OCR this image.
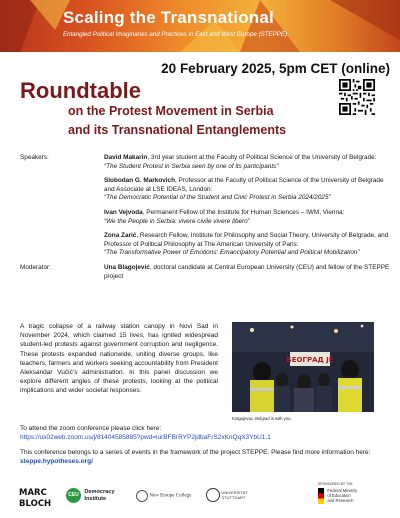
Scaling the Transnational
Entangled Political Imaginaries and Practices in East and West Europe (STEPPE)
20 February 2025, 5pm CET (online)
Roundtable
on the Protest Movement in Serbia
and its Transnational Entanglements
Speakers:	David Makarin, 3rd year student at the Faculty of Political Science of the University of Belgrade:
“The Student Protest in Serbia seen by one of its participants”
Slobodan G. Markovich, Professor at the Faculty of Political Science of the University of Belgrade and Associate at LSE IDEAS, London:
“The Democratic Potential of the Student and Civic Protest in Serbia 2024/2025”
Ivan Vejvoda, Permanent Fellow of the Institute for Human Sciences – IWM, Vienna:
“We the People in Serbia: vivere civile vivere libero”
Zona Zarić, Research Fellow, Institute for Philosophy and Social Theory, University of Belgrade, and Professor of Political Philosophy at The American University of Paris:
“The Transformative Power of Emotions: Emancipatory Potential and Political Mobilization”
Moderator:	Una Blagojević, doctoral candidate at Central European University (CEU) and fellow of the STEPPE project
A tragic collapse of a railway station canopy in Novi Sad in November 2024, which claimed 15 lives, has ignited widespread student-led protests against government corruption and negligence. These protests expanded nationwide, uniting diverse groups, like teachers, farmers and workers seeking accountability from President Aleksandar Vučić’s administration. In this panel discussion we explore different angles of these protests, looking at the political implications and wider societal responses.
БЕОГРАД ЈЕ
Kragujevac. Belgrad is with you.
To attend the zoom conference please click here:
https://us02web.zoom.us/j/81404585885?pwd=iurBFBrRYP2jdbaFrS2xKnQqX3YbU1.1
This conference belongs to a series of events in the framework of the project STEPPE. Please find more information here: steppe.hypotheses.org/
MARC
BLOCH
CEU Democracy
Institute	New Europe College
UNIVERSITÄT STUTTGART
SPONSORED BY THE
Federal Ministry
of Education
and Research
